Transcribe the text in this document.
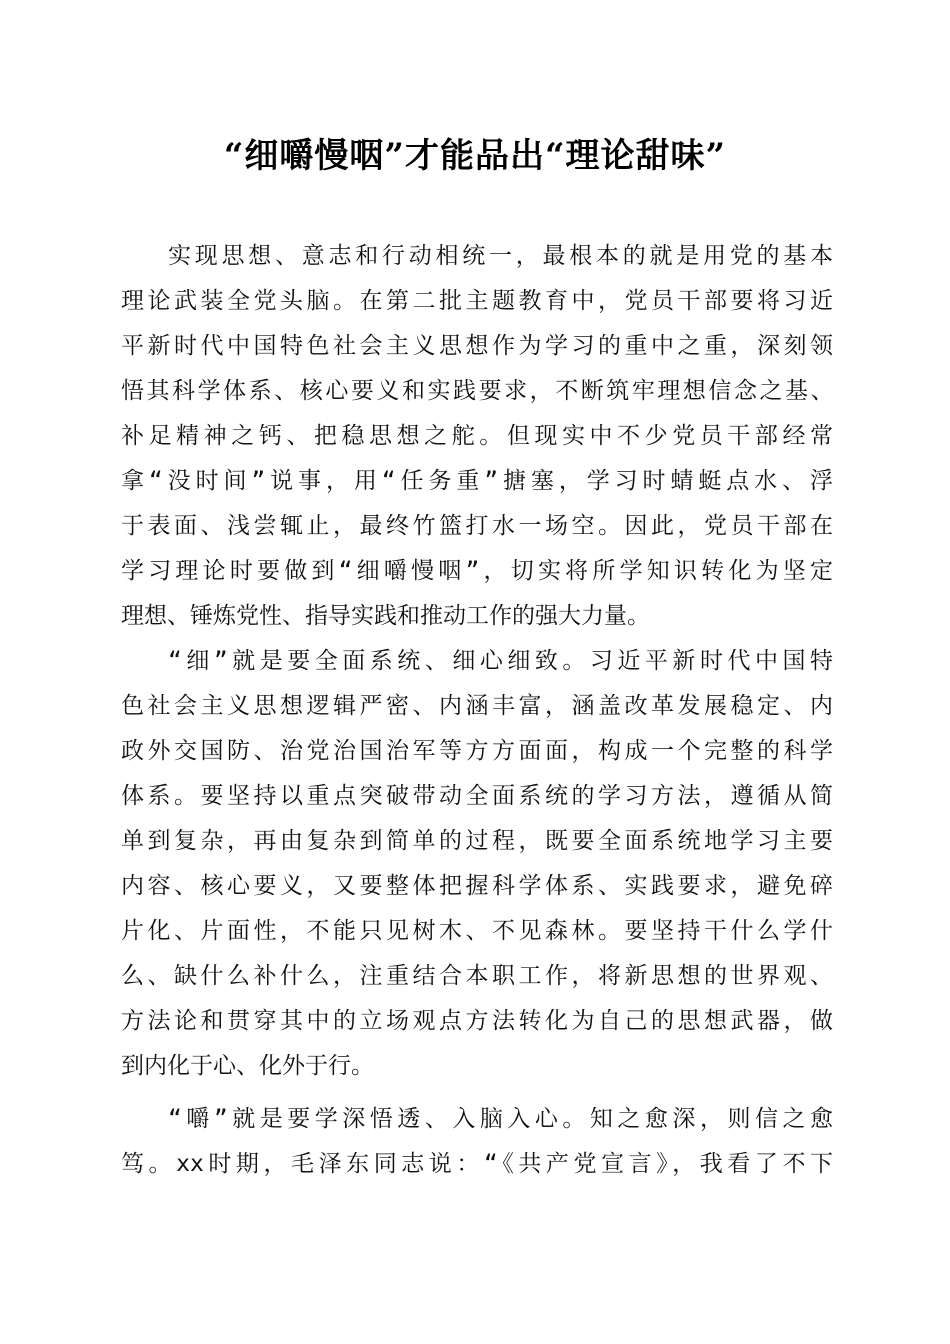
“细嚼慢咽”才能品出“理论甜味”
实现思想、意志和行动相统一，最根本的就是用党的基本
理论武装全党头脑。在第二批主题教育中，党员干部要将习近
平新时代中国特色社会主义思想作为学习的重中之重，深刻领
悟其科学体系、核心要义和实践要求，不断筑牢理想信念之基、
补足精神之钙、把稳思想之舵。但现实中不少党员干部经常
拿“没时间”说事，用“任务重”搪塞，学习时蜻蜓点水、浮
于表面、浅尝辄止，最终竹篮打水一场空。因此，党员干部在
学习理论时要做到“细嚼慢咽”，切实将所学知识转化为坚定
理想、锤炼党性、指导实践和推动工作的强大力量。
“细”就是要全面系统、细心细致。习近平新时代中国特
色社会主义思想逻辑严密、内涵丰富，涵盖改革发展稳定、内
政外交国防、治党治国治军等方方面面，构成一个完整的科学
体系。要坚持以重点突破带动全面系统的学习方法，遵循从简
单到复杂，再由复杂到简单的过程，既要全面系统地学习主要
内容、核心要义，又要整体把握科学体系、实践要求，避免碎
片化、片面性，不能只见树木、不见森林。要坚持干什么学什
么、缺什么补什么，注重结合本职工作，将新思想的世界观、
方法论和贯穿其中的立场观点方法转化为自己的思想武器，做
到内化于心、化外于行。
“嚼”就是要学深悟透、入脑入心。知之愈深，则信之愈
笃。xx时期，毛泽东同志说：“《共产党宣言》，我看了不下
